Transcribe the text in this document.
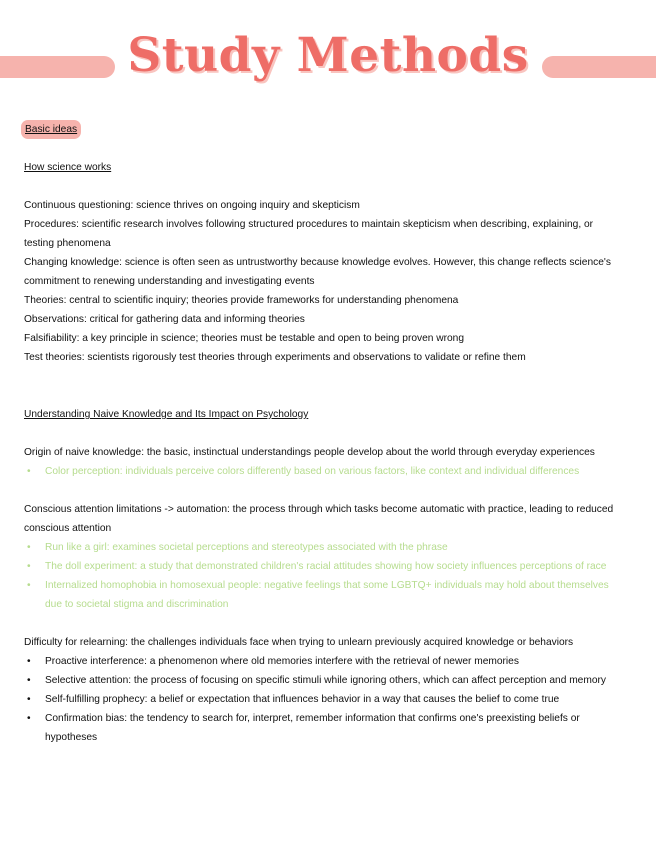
Study Methods

Basic ideas

How science works

Continuous questioning: science thrives on ongoing inquiry and skepticism

Procedures: scientific research involves following structured procedures to maintain skepticism when describing, explaining, or testing phenomena

Changing knowledge: science is often seen as untrustworthy because knowledge evolves. However, this change reflects science's commitment to renewing understanding and investigating events

Theories: central to scientific inquiry; theories provide frameworks for understanding phenomena

Observations: critical for gathering data and informing theories

Falsifiability: a key principle in science; theories must be testable and open to being proven wrong

Test theories: scientists rigorously test theories through experiments and observations to validate or refine them

Understanding Naive Knowledge and Its Impact on Psychology

Origin of naive knowledge: the basic, instinctual understandings people develop about the world through everyday experiences

• Color perception: individuals perceive colors differently based on various factors, like context and individual differences

Conscious attention limitations -> automation: the process through which tasks become automatic with practice, leading to reduced conscious attention

• Run like a girl: examines societal perceptions and stereotypes associated with the phrase
• The doll experiment: a study that demonstrated children's racial attitudes showing how society influences perceptions of race
• Internalized homophobia in homosexual people: negative feelings that some LGBTQ+ individuals may hold about themselves due to societal stigma and discrimination

Difficulty for relearning: the challenges individuals face when trying to unlearn previously acquired knowledge or behaviors

• Proactive interference: a phenomenon where old memories interfere with the retrieval of newer memories
• Selective attention: the process of focusing on specific stimuli while ignoring others, which can affect perception and memory
• Self-fulfilling prophecy: a belief or expectation that influences behavior in a way that causes the belief to come true
• Confirmation bias: the tendency to search for, interpret, remember information that confirms one's preexisting beliefs or hypotheses
